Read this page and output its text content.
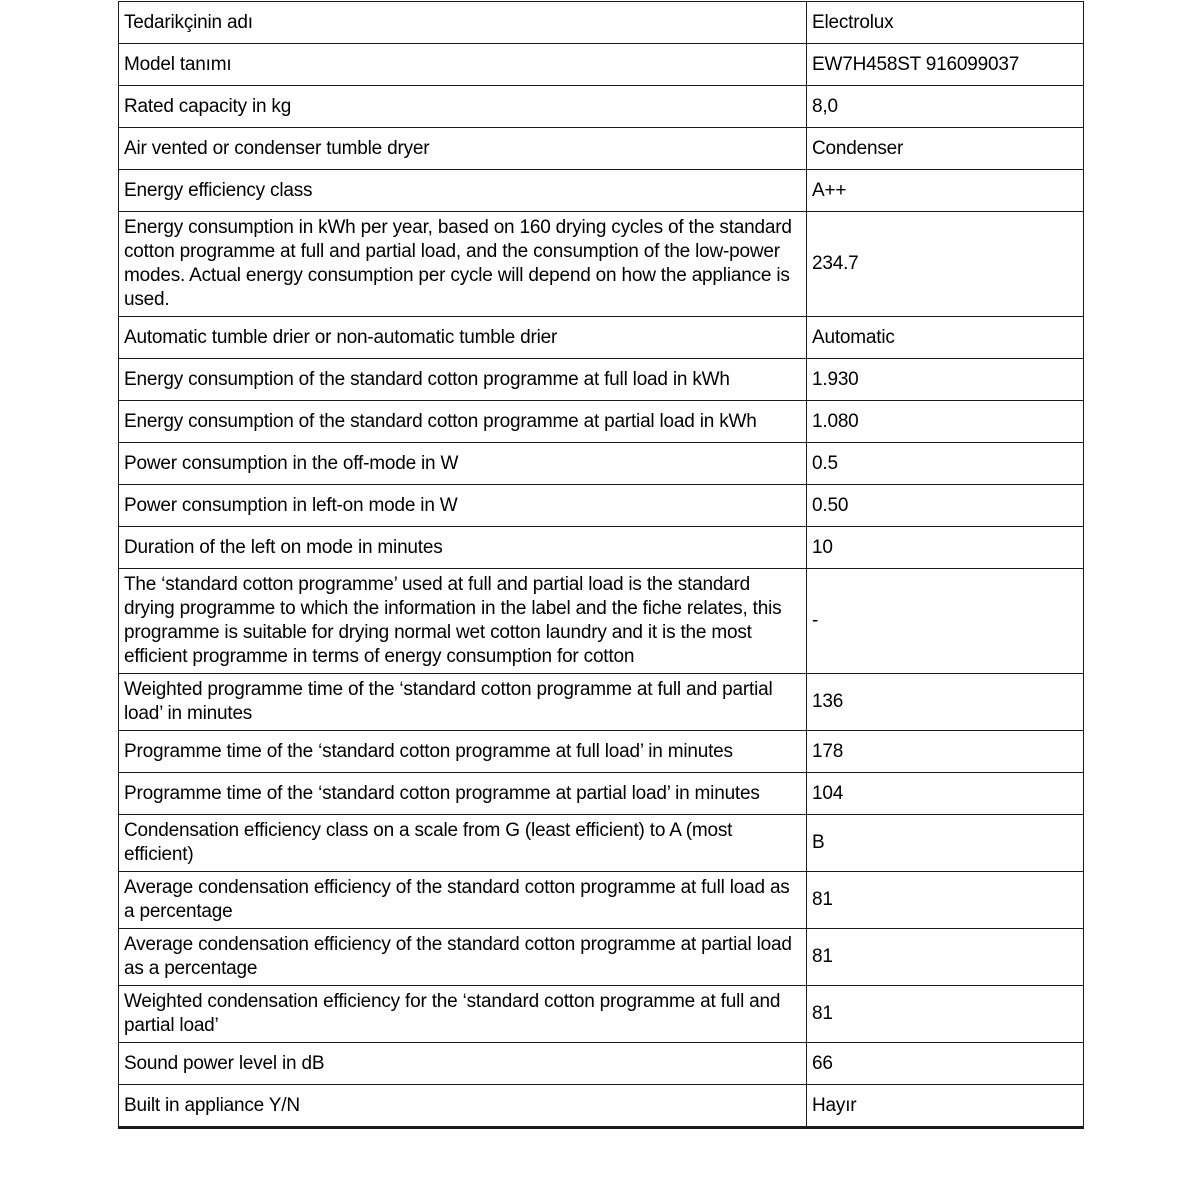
Tedarikçinin adı	Electrolux
Model tanımı	EW7H458ST 916099037
Rated capacity in kg	8,0
Air vented or condenser tumble dryer	Condenser
Energy efficiency class	A++
Energy consumption in kWh per year, based on 160 drying cycles of the standard cotton programme at full and partial load, and the consumption of the low-power modes. Actual energy consumption per cycle will depend on how the appliance is used.	234.7
Automatic tumble drier or non-automatic tumble drier	Automatic
Energy consumption of the standard cotton programme at full load in kWh	1.930
Energy consumption of the standard cotton programme at partial load in kWh	1.080
Power consumption in the off-mode in W	0.5
Power consumption in left-on mode in W	0.50
Duration of the left on mode in minutes	10
The ‘standard cotton programme’ used at full and partial load is the standard drying programme to which the information in the label and the fiche relates, this programme is suitable for drying normal wet cotton laundry and it is the most efficient programme in terms of energy consumption for cotton	-
Weighted programme time of the ‘standard cotton programme at full and partial load’ in minutes	136
Programme time of the ‘standard cotton programme at full load’ in minutes	178
Programme time of the ‘standard cotton programme at partial load’ in minutes	104
Condensation efficiency class on a scale from G (least efficient) to A (most efficient)	B
Average condensation efficiency of the standard cotton programme at full load as a percentage	81
Average condensation efficiency of the standard cotton programme at partial load as a percentage	81
Weighted condensation efficiency for the ‘standard cotton programme at full and partial load’	81
Sound power level in dB	66
Built in appliance Y/N	Hayır
